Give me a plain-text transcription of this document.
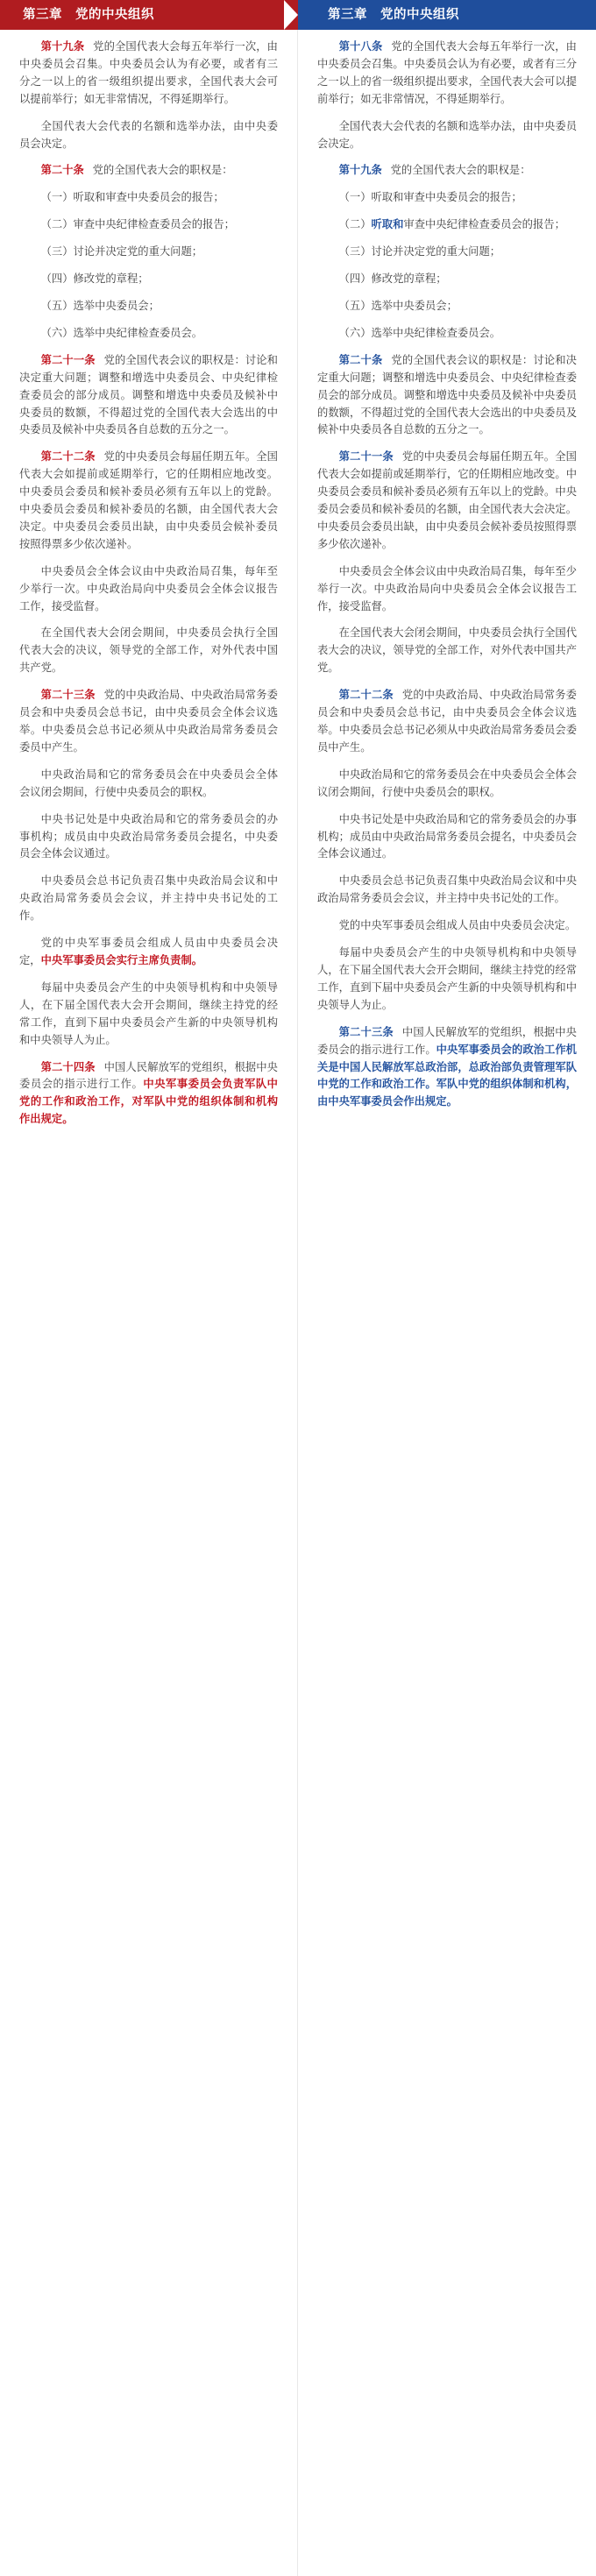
第三章　党的中央组织

第十九条 党的全国代表大会每五年举行一次，由中央委员会召集。中央委员会认为有必要，或者有三分之一以上的省一级组织提出要求，全国代表大会可以提前举行；如无非常情况，不得延期举行。

全国代表大会代表的名额和选举办法，由中央委员会决定。

第二十条 党的全国代表大会的职权是：

（一）听取和审查中央委员会的报告；

（二）审查中央纪律检查委员会的报告；

（三）讨论并决定党的重大问题；

（四）修改党的章程；

（五）选举中央委员会；

（六）选举中央纪律检查委员会。

第二十一条 党的全国代表会议的职权是：讨论和决定重大问题；调整和增选中央委员会、中央纪律检查委员会的部分成员。调整和增选中央委员及候补中央委员的数额，不得超过党的全国代表大会选出的中央委员及候补中央委员各自总数的五分之一。

第二十二条 党的中央委员会每届任期五年。全国代表大会如提前或延期举行，它的任期相应地改变。中央委员会委员和候补委员必须有五年以上的党龄。中央委员会委员和候补委员的名额，由全国代表大会决定。中央委员会委员出缺，由中央委员会候补委员按照得票多少依次递补。

中央委员会全体会议由中央政治局召集，每年至少举行一次。中央政治局向中央委员会全体会议报告工作，接受监督。

在全国代表大会闭会期间，中央委员会执行全国代表大会的决议，领导党的全部工作，对外代表中国共产党。

第二十三条 党的中央政治局、中央政治局常务委员会和中央委员会总书记，由中央委员会全体会议选举。中央委员会总书记必须从中央政治局常务委员会委员中产生。

中央政治局和它的常务委员会在中央委员会全体会议闭会期间，行使中央委员会的职权。

中央书记处是中央政治局和它的常务委员会的办事机构；成员由中央政治局常务委员会提名，中央委员会全体会议通过。

中央委员会总书记负责召集中央政治局会议和中央政治局常务委员会会议，并主持中央书记处的工作。

党的中央军事委员会组成人员由中央委员会决定，中央军事委员会实行主席负责制。

每届中央委员会产生的中央领导机构和中央领导人，在下届全国代表大会开会期间，继续主持党的经常工作，直到下届中央委员会产生新的中央领导机构和中央领导人为止。

第二十四条 中国人民解放军的党组织，根据中央委员会的指示进行工作。中央军事委员会负责军队中党的工作和政治工作，对军队中党的组织体制和机构作出规定。

第三章　党的中央组织

第十八条 党的全国代表大会每五年举行一次，由中央委员会召集。中央委员会认为有必要，或者有三分之一以上的省一级组织提出要求，全国代表大会可以提前举行；如无非常情况，不得延期举行。

全国代表大会代表的名额和选举办法，由中央委员会决定。

第十九条 党的全国代表大会的职权是：

（一）听取和审查中央委员会的报告；

（二）听取和审查中央纪律检查委员会的报告；

（三）讨论并决定党的重大问题；

（四）修改党的章程；

（五）选举中央委员会；

（六）选举中央纪律检查委员会。

第二十条 党的全国代表会议的职权是：讨论和决定重大问题；调整和增选中央委员会、中央纪律检查委员会的部分成员。调整和增选中央委员及候补中央委员的数额，不得超过党的全国代表大会选出的中央委员及候补中央委员各自总数的五分之一。

第二十一条 党的中央委员会每届任期五年。全国代表大会如提前或延期举行，它的任期相应地改变。中央委员会委员和候补委员必须有五年以上的党龄。中央委员会委员和候补委员的名额，由全国代表大会决定。中央委员会委员出缺，由中央委员会候补委员按照得票多少依次递补。

中央委员会全体会议由中央政治局召集，每年至少举行一次。中央政治局向中央委员会全体会议报告工作，接受监督。

在全国代表大会闭会期间，中央委员会执行全国代表大会的决议，领导党的全部工作，对外代表中国共产党。

第二十二条 党的中央政治局、中央政治局常务委员会和中央委员会总书记，由中央委员会全体会议选举。中央委员会总书记必须从中央政治局常务委员会委员中产生。

中央政治局和它的常务委员会在中央委员会全体会议闭会期间，行使中央委员会的职权。

中央书记处是中央政治局和它的常务委员会的办事机构；成员由中央政治局常务委员会提名，中央委员会全体会议通过。

中央委员会总书记负责召集中央政治局会议和中央政治局常务委员会会议，并主持中央书记处的工作。

党的中央军事委员会组成人员由中央委员会决定。

每届中央委员会产生的中央领导机构和中央领导人，在下届全国代表大会开会期间，继续主持党的经常工作，直到下届中央委员会产生新的中央领导机构和中央领导人为止。

第二十三条 中国人民解放军的党组织，根据中央委员会的指示进行工作。中央军事委员会的政治工作机关是中国人民解放军总政治部，总政治部负责管理军队中党的工作和政治工作。军队中党的组织体制和机构，由中央军事委员会作出规定。
